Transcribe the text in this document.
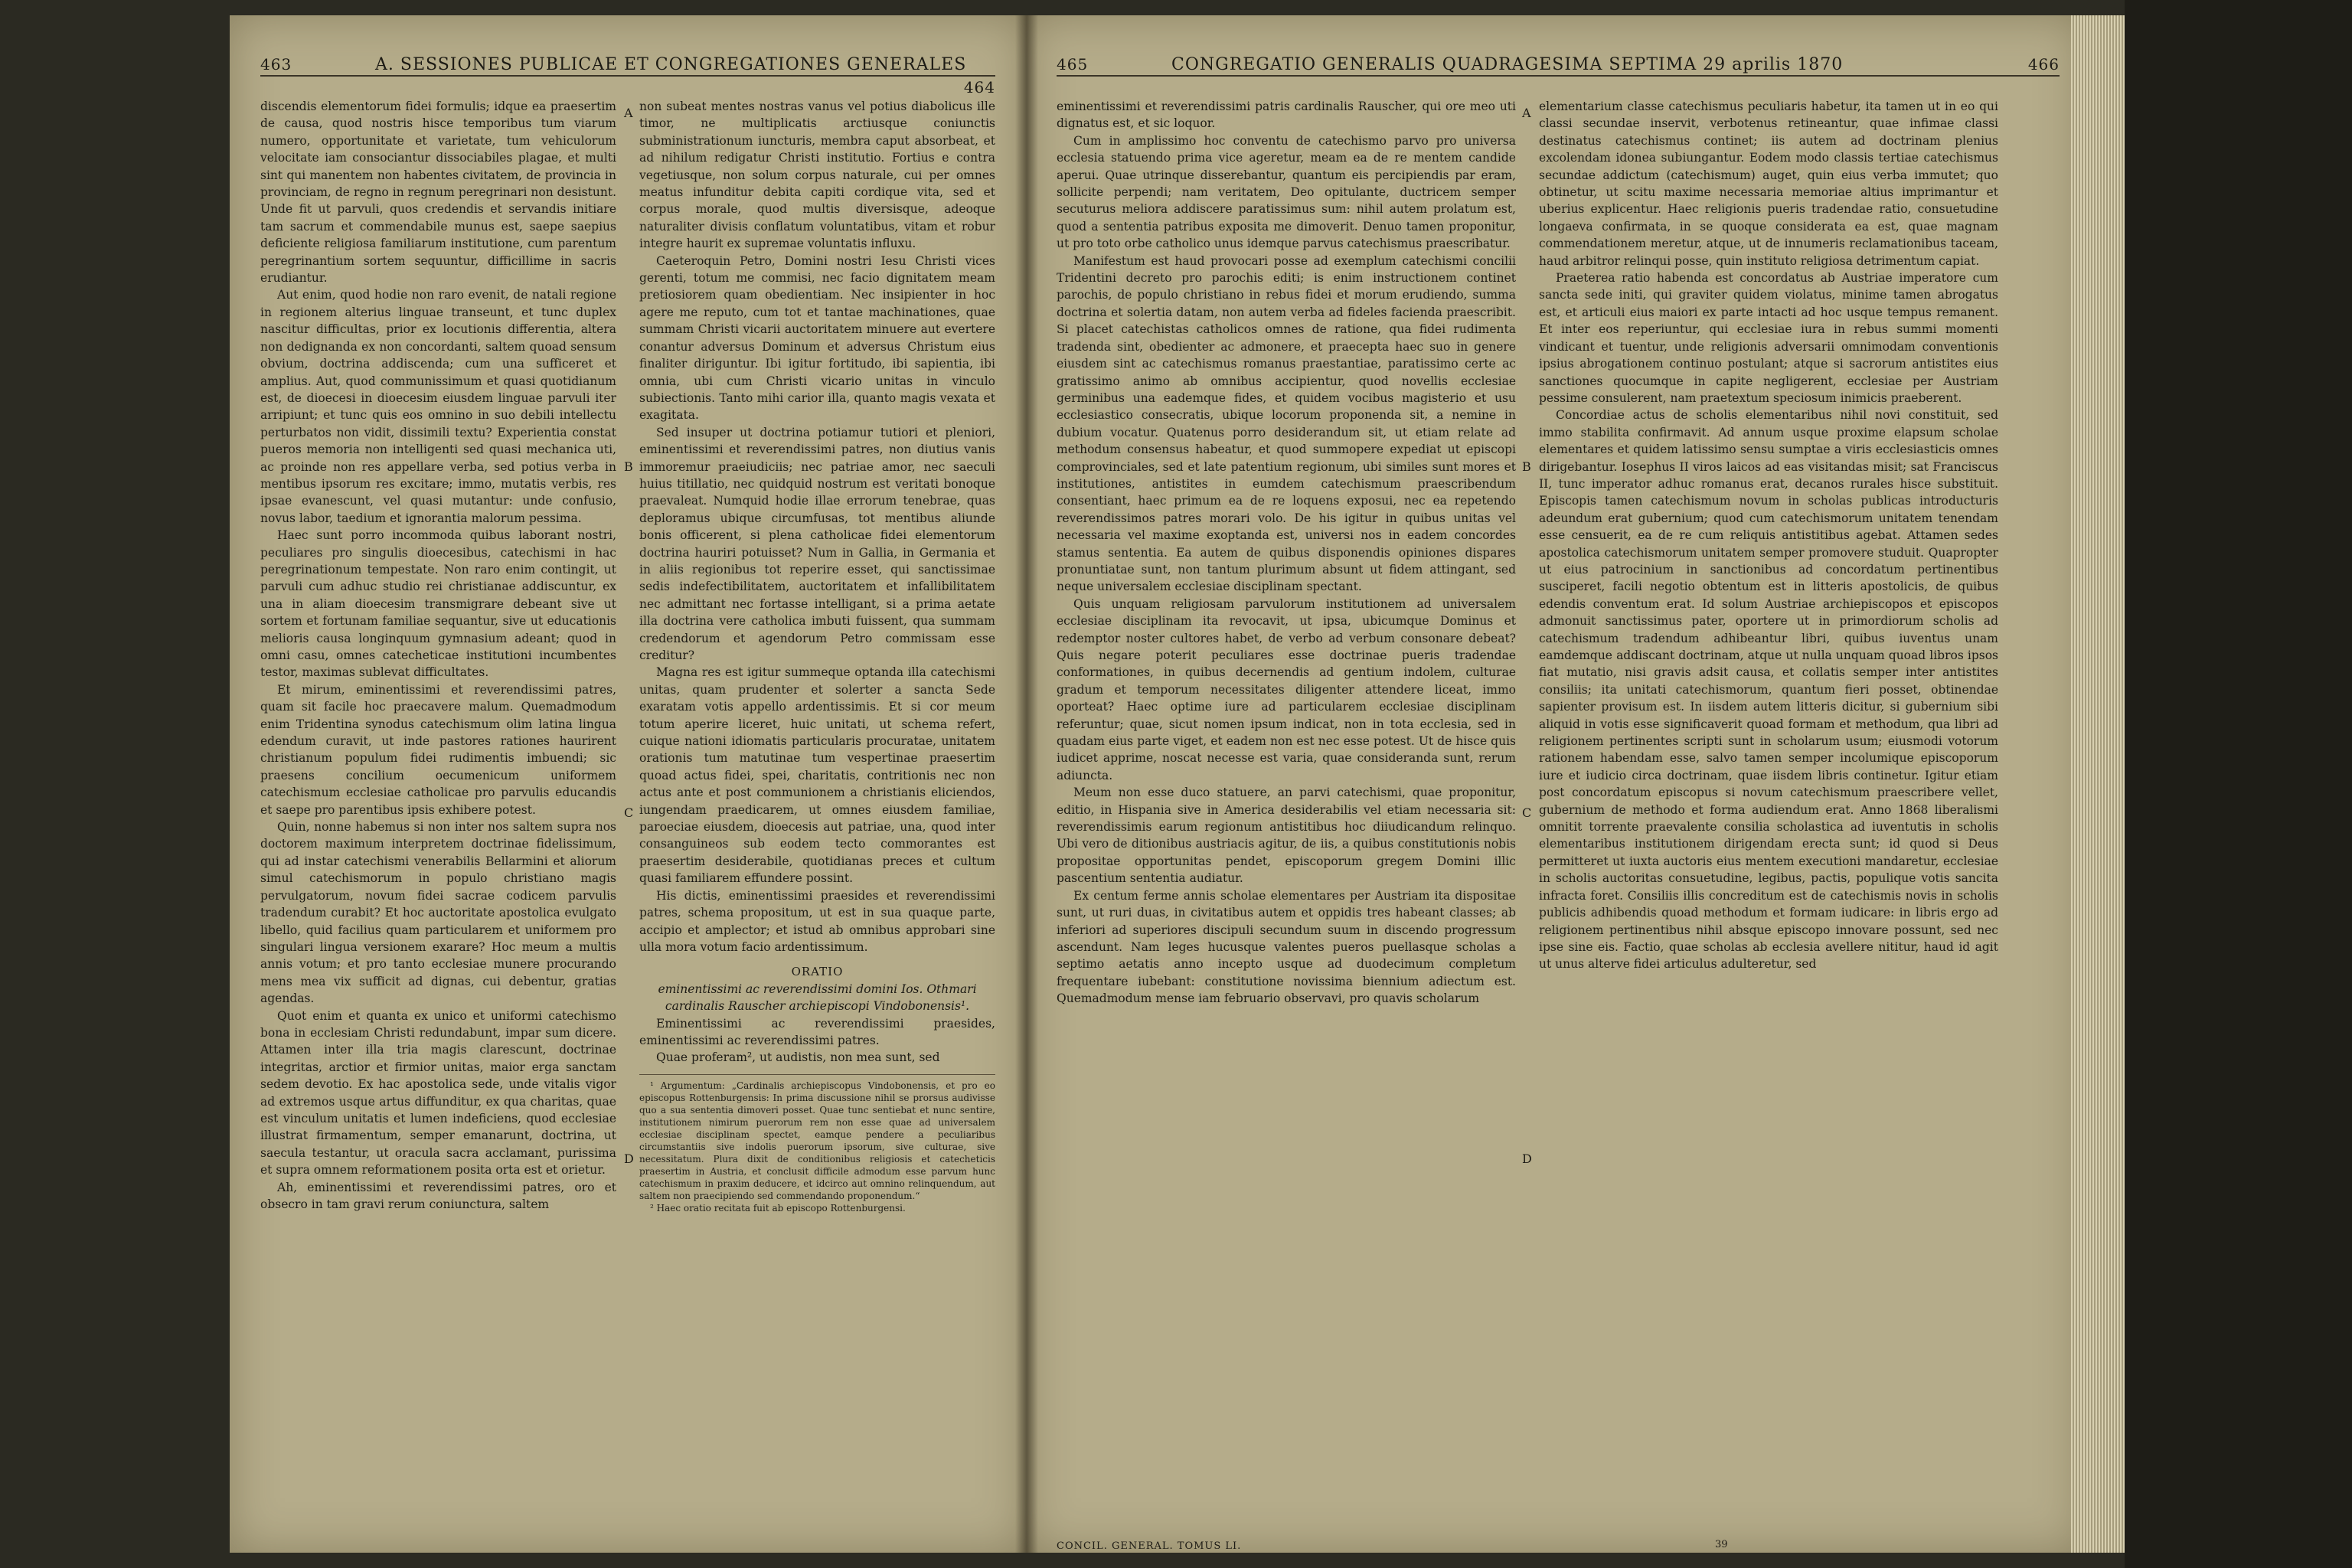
463	A. SESSIONES PUBLICAE ET CONGREGATIONES GENERALES
464

discendis elementorum fidei formulis; idque ea praesertim de causa, quod nostris hisce temporibus tum viarum numero, opportunitate et varietate, tum vehiculorum velocitate iam consociantur dissociabiles plagae, et multi sint qui manentem non habentes civitatem, de provincia in provinciam, de regno in regnum peregrinari non desistunt. Unde fit ut parvuli, quos credendis et servandis initiare tam sacrum et commendabile munus est, saepe saepius deficiente religiosa familiarum institutione, cum parentum peregrinantium sortem sequuntur, difficillime in sacris erudiantur.

Aut enim, quod hodie non raro evenit, de natali regione in regionem alterius linguae transeunt, et tunc duplex nascitur difficultas, prior ex locutionis differentia, altera non dedignanda ex non concordanti, saltem quoad sensum obvium, doctrina addiscenda; cum una sufficeret et amplius. Aut, quod communissimum et quasi quotidianum est, de dioecesi in dioecesim eiusdem linguae parvuli iter arripiunt; et tunc quis eos omnino in suo debili intellectu perturbatos non vidit, dissimili textu? Experientia constat pueros memoria non intelligenti sed quasi mechanica uti, ac proinde non res appellare verba, sed potius verba in mentibus ipsorum res excitare; immo, mutatis verbis, res ipsae evanescunt, vel quasi mutantur: unde confusio, novus labor, taedium et ignorantia malorum pessima.

Haec sunt porro incommoda quibus laborant nostri, peculiares pro singulis dioecesibus, catechismi in hac peregrinationum tempestate. Non raro enim contingit, ut parvuli cum adhuc studio rei christianae addiscuntur, ex una in aliam dioecesim transmigrare debeant sive ut sortem et fortunam familiae sequantur, sive ut educationis melioris causa longinquum gymnasium adeant; quod in omni casu, omnes catecheticae institutioni incumbentes testor, maximas sublevat difficultates.

Et mirum, eminentissimi et reverendissimi patres, quam sit facile hoc praecavere malum. Quemadmodum enim Tridentina synodus catechismum olim latina lingua edendum curavit, ut inde pastores rationes haurirent christianum populum fidei rudimentis imbuendi; sic praesens concilium oecumenicum uniformem catechismum ecclesiae catholicae pro parvulis educandis et saepe pro parentibus ipsis exhibere potest.

Quin, nonne habemus si non inter nos saltem supra nos doctorem maximum interpretem doctrinae fidelissimum, qui ad instar catechismi venerabilis Bellarmini et aliorum simul catechismorum in populo christiano magis pervulgatorum, novum fidei sacrae codicem parvulis tradendum curabit? Et hoc auctoritate apostolica evulgato libello, quid facilius quam particularem et uniformem pro singulari lingua versionem exarare? Hoc meum a multis annis votum; et pro tanto ecclesiae munere procurando mens mea vix sufficit ad dignas, cui debentur, gratias agendas.

Quot enim et quanta ex unico et uniformi catechismo bona in ecclesiam Christi redundabunt, impar sum dicere. Attamen inter illa tria magis clarescunt, doctrinae integritas, arctior et firmior unitas, maior erga sanctam sedem devotio. Ex hac apostolica sede, unde vitalis vigor ad extremos usque artus diffunditur, ex qua charitas, quae est vinculum unitatis et lumen indeficiens, quod ecclesiae illustrat firmamentum, semper emanarunt, doctrina, ut saecula testantur, ut oracula sacra acclamant, purissima et supra omnem reformationem posita orta est et orietur.

Ah, eminentissimi et reverendissimi patres, oro et obsecro in tam gravi rerum coniunctura, saltem

A
B
C
D

non subeat mentes nostras vanus vel potius diabolicus ille timor, ne multiplicatis arctiusque coniunctis subministrationum iuncturis, membra caput absorbeat, et ad nihilum redigatur Christi institutio. Fortius e contra vegetiusque, non solum corpus naturale, cui per omnes meatus infunditur debita capiti cordique vita, sed et corpus morale, quod multis diversisque, adeoque naturaliter divisis conflatum voluntatibus, vitam et robur integre haurit ex supremae voluntatis influxu.

Caeteroquin Petro, Domini nostri Iesu Christi vices gerenti, totum me commisi, nec facio dignitatem meam pretiosiorem quam obedientiam. Nec insipienter in hoc agere me reputo, cum tot et tantae machinationes, quae summam Christi vicarii auctoritatem minuere aut evertere conantur adversus Dominum et adversus Christum eius finaliter diriguntur. Ibi igitur fortitudo, ibi sapientia, ibi omnia, ubi cum Christi vicario unitas in vinculo subiectionis. Tanto mihi carior illa, quanto magis vexata et exagitata.

Sed insuper ut doctrina potiamur tutiori et pleniori, eminentissimi et reverendissimi patres, non diutius vanis immoremur praeiudiciis; nec patriae amor, nec saeculi huius titillatio, nec quidquid nostrum est veritati bonoque praevaleat. Numquid hodie illae errorum tenebrae, quas deploramus ubique circumfusas, tot mentibus aliunde bonis officerent, si plena catholicae fidei elementorum doctrina hauriri potuisset? Num in Gallia, in Germania et in aliis regionibus tot reperire esset, qui sanctissimae sedis indefectibilitatem, auctoritatem et infallibilitatem nec admittant nec fortasse intelligant, si a prima aetate illa doctrina vere catholica imbuti fuissent, qua summam credendorum et agendorum Petro commissam esse creditur?

Magna res est igitur summeque optanda illa catechismi unitas, quam prudenter et solerter a sancta Sede exaratam votis appello ardentissimis. Et si cor meum totum aperire liceret, huic unitati, ut schema refert, cuique nationi idiomatis particularis procuratae, unitatem orationis tum matutinae tum vespertinae praesertim quoad actus fidei, spei, charitatis, contritionis nec non actus ante et post communionem a christianis eliciendos, iungendam praedicarem, ut omnes eiusdem familiae, paroeciae eiusdem, dioecesis aut patriae, una, quod inter consanguineos sub eodem tecto commorantes est praesertim desiderabile, quotidianas preces et cultum quasi familiarem effundere possint.

His dictis, eminentissimi praesides et reverendissimi patres, schema propositum, ut est in sua quaque parte, accipio et amplector; et istud ab omnibus approbari sine ulla mora votum facio ardentissimum.

ORATIO

eminentissimi ac reverendissimi domini Ios. Othmari cardinalis Rauscher archiepiscopi Vindobonensis¹.

Eminentissimi ac reverendissimi praesides, eminentissimi ac reverendissimi patres.

Quae proferam², ut audistis, non mea sunt, sed

¹ Argumentum: „Cardinalis archiepiscopus Vindobonensis, et pro eo episcopus Rottenburgensis: In prima discussione nihil se prorsus audivisse quo a sua sententia dimoveri posset. Quae tunc sentiebat et nunc sentire, institutionem nimirum puerorum rem non esse quae ad universalem ecclesiae disciplinam spectet, eamque pendere a peculiaribus circumstantiis sive indolis puerorum ipsorum, sive culturae, sive necessitatum. Plura dixit de conditionibus religiosis et catecheticis praesertim in Austria, et conclusit difficile admodum esse parvum hunc catechismum in praxim deducere, et idcirco aut omnino relinquendum, aut saltem non praecipiendo sed commendando proponendum.“

² Haec oratio recitata fuit ab episcopo Rottenburgensi.

465	CONGREGATIO GENERALIS QUADRAGESIMA SEPTIMA 29 aprilis 1870	466

eminentissimi et reverendissimi patris cardinalis Rauscher, qui ore meo uti dignatus est, et sic loquor.

Cum in amplissimo hoc conventu de catechismo parvo pro universa ecclesia statuendo prima vice ageretur, meam ea de re mentem candide aperui. Quae utrinque disserebantur, quantum eis percipiendis par eram, sollicite perpendi; nam veritatem, Deo opitulante, ductricem semper secuturus meliora addiscere paratissimus sum: nihil autem prolatum est, quod a sententia patribus exposita me dimoverit. Denuo tamen proponitur, ut pro toto orbe catholico unus idemque parvus catechismus praescribatur.

Manifestum est haud provocari posse ad exemplum catechismi concilii Tridentini decreto pro parochis editi; is enim instructionem continet parochis, de populo christiano in rebus fidei et morum erudiendo, summa doctrina et solertia datam, non autem verba ad fideles facienda praescribit. Si placet catechistas catholicos omnes de ratione, qua fidei rudimenta tradenda sint, obedienter ac admonere, et praecepta haec suo in genere eiusdem sint ac catechismus romanus praestantiae, paratissimo certe ac gratissimo animo ab omnibus accipientur, quod novellis ecclesiae germinibus una eademque fides, et quidem vocibus magisterio et usu ecclesiastico consecratis, ubique locorum proponenda sit, a nemine in dubium vocatur. Quatenus porro desiderandum sit, ut etiam relate ad methodum consensus habeatur, et quod summopere expediat ut episcopi comprovinciales, sed et late patentium regionum, ubi similes sunt mores et institutiones, antistites in eumdem catechismum praescribendum consentiant, haec primum ea de re loquens exposui, nec ea repetendo reverendissimos patres morari volo. De his igitur in quibus unitas vel necessaria vel maxime exoptanda est, universi nos in eadem concordes stamus sententia. Ea autem de quibus disponendis opiniones dispares pronuntiatae sunt, non tantum plurimum absunt ut fidem attingant, sed neque universalem ecclesiae disciplinam spectant.

Quis unquam religiosam parvulorum institutionem ad universalem ecclesiae disciplinam ita revocavit, ut ipsa, ubicumque Dominus et redemptor noster cultores habet, de verbo ad verbum consonare debeat? Quis negare poterit peculiares esse doctrinae pueris tradendae conformationes, in quibus decernendis ad gentium indolem, culturae gradum et temporum necessitates diligenter attendere liceat, immo oporteat? Haec optime iure ad particularem ecclesiae disciplinam referuntur; quae, sicut nomen ipsum indicat, non in tota ecclesia, sed in quadam eius parte viget, et eadem non est nec esse potest. Ut de hisce quis iudicet apprime, noscat necesse est varia, quae consideranda sunt, rerum adiuncta.

Meum non esse duco statuere, an parvi catechismi, quae proponitur, editio, in Hispania sive in America desiderabilis vel etiam necessaria sit: reverendissimis earum regionum antistitibus hoc diiudicandum relinquo. Ubi vero de ditionibus austriacis agitur, de iis, a quibus constitutionis nobis propositae opportunitas pendet, episcoporum gregem Domini illic pascentium sententia audiatur.

Ex centum ferme annis scholae elementares per Austriam ita dispositae sunt, ut ruri duas, in civitatibus autem et oppidis tres habeant classes; ab inferiori ad superiores discipuli secundum suum in discendo progressum ascendunt. Nam leges hucusque valentes pueros puellasque scholas a septimo aetatis anno incepto usque ad duodecimum completum frequentare iubebant: constitutione novissima biennium adiectum est. Quemadmodum mense iam februario observavi, pro quavis scholarum

A
B
C
D

elementarium classe catechismus peculiaris habetur, ita tamen ut in eo qui classi secundae inservit, verbotenus retineantur, quae infimae classi destinatus catechismus continet; iis autem ad doctrinam plenius excolendam idonea subiungantur. Eodem modo classis tertiae catechismus secundae addictum (catechismum) auget, quin eius verba immutet; quo obtinetur, ut scitu maxime necessaria memoriae altius imprimantur et uberius explicentur. Haec religionis pueris tradendae ratio, consuetudine longaeva confirmata, in se quoque considerata ea est, quae magnam commendationem meretur, atque, ut de innumeris reclamationibus taceam, haud arbitror relinqui posse, quin instituto religiosa detrimentum capiat.

Praeterea ratio habenda est concordatus ab Austriae imperatore cum sancta sede initi, qui graviter quidem violatus, minime tamen abrogatus est, et articuli eius maiori ex parte intacti ad hoc usque tempus remanent. Et inter eos reperiuntur, qui ecclesiae iura in rebus summi momenti vindicant et tuentur, unde religionis adversarii omnimodam conventionis ipsius abrogationem continuo postulant; atque si sacrorum antistites eius sanctiones quocumque in capite negligerent, ecclesiae per Austriam pessime consulerent, nam praetextum speciosum inimicis praeberent.

Concordiae actus de scholis elementaribus nihil novi constituit, sed immo stabilita confirmavit. Ad annum usque proxime elapsum scholae elementares et quidem latissimo sensu sumptae a viris ecclesiasticis omnes dirigebantur. Iosephus II viros laicos ad eas visitandas misit; sat Franciscus II, tunc imperator adhuc romanus erat, decanos rurales hisce substituit. Episcopis tamen catechismum novum in scholas publicas introducturis adeundum erat gubernium; quod cum catechismorum unitatem tenendam esse censuerit, ea de re cum reliquis antistitibus agebat. Attamen sedes apostolica catechismorum unitatem semper promovere studuit. Quapropter ut eius patrocinium in sanctionibus ad concordatum pertinentibus susciperet, facili negotio obtentum est in litteris apostolicis, de quibus edendis conventum erat. Id solum Austriae archiepiscopos et episcopos admonuit sanctissimus pater, oportere ut in primordiorum scholis ad catechismum tradendum adhibeantur libri, quibus iuventus unam eamdemque addiscant doctrinam, atque ut nulla unquam quoad libros ipsos fiat mutatio, nisi gravis adsit causa, et collatis semper inter antistites consiliis; ita unitati catechismorum, quantum fieri posset, obtinendae sapienter provisum est. In iisdem autem litteris dicitur, si gubernium sibi aliquid in votis esse significaverit quoad formam et methodum, qua libri ad religionem pertinentes scripti sunt in scholarum usum; eiusmodi votorum rationem habendam esse, salvo tamen semper incolumique episcoporum iure et iudicio circa doctrinam, quae iisdem libris continetur. Igitur etiam post concordatum episcopus si novum catechismum praescribere vellet, gubernium de methodo et forma audiendum erat. Anno 1868 liberalismi omnitit torrente praevalente consilia scholastica ad iuventutis in scholis elementaribus institutionem dirigendam erecta sunt; id quod si Deus permitteret ut iuxta auctoris eius mentem executioni mandaretur, ecclesiae in scholis auctoritas consuetudine, legibus, pactis, populique votis sancita infracta foret. Consiliis illis concreditum est de catechismis novis in scholis publicis adhibendis quoad methodum et formam iudicare: in libris ergo ad religionem pertinentibus nihil absque episcopo innovare possunt, sed nec ipse sine eis. Factio, quae scholas ab ecclesia avellere nititur, haud id agit ut unus alterve fidei articulus adulteretur, sed

CONCIL. GENERAL. TOMUS LI.	39
